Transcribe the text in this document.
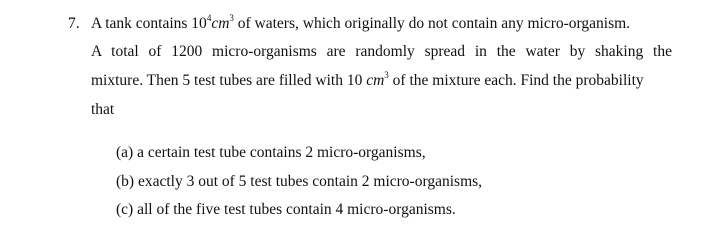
7. A tank contains $10^4cm^3$ of waters, which originally do not contain any micro-organism.
A total of 1200 micro-organisms are randomly spread in the water by shaking the
mixture. Then 5 test tubes are filled with 10 $cm^3$ of the mixture each. Find the probability
that
(a) a certain test tube contains 2 micro-organisms,
(b) exactly 3 out of 5 test tubes contain 2 micro-organisms,
(c) all of the five test tubes contain 4 micro-organisms.
